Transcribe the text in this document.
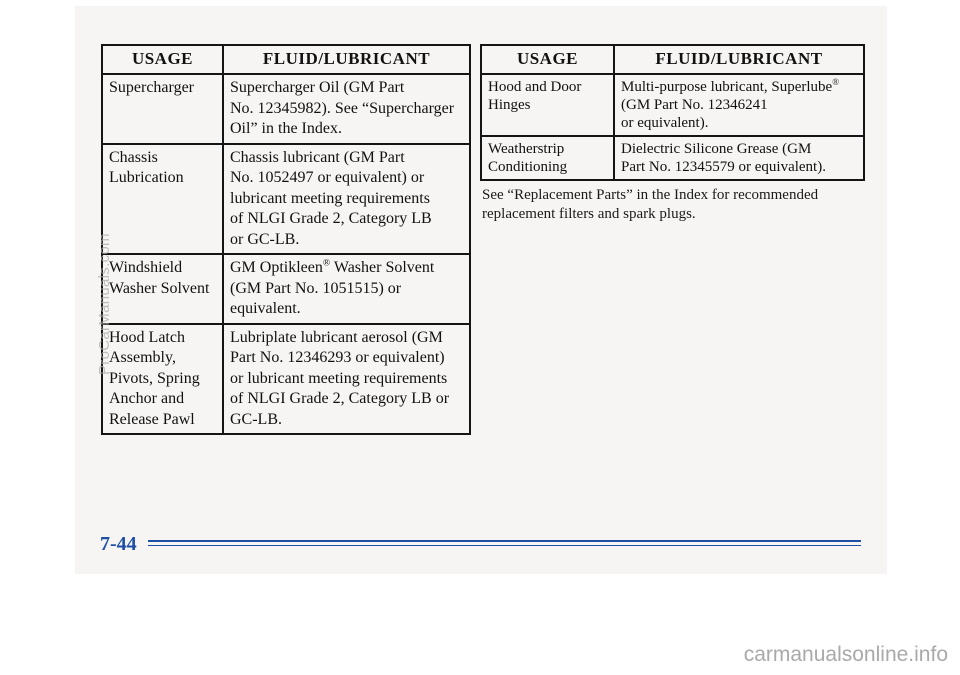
USAGE	FLUID/LUBRICANT
Supercharger	Supercharger Oil (GM Part
No. 12345982). See “Supercharger
Oil” in the Index.
Chassis
Lubrication	Chassis lubricant (GM Part
No. 1052497 or equivalent) or
lubricant meeting requirements
of NLGI Grade 2, Category LB
or GC-LB.
Windshield
Washer Solvent	GM Optikleen® Washer Solvent
(GM Part No. 1051515) or
equivalent.
Hood Latch
Assembly,
Pivots, Spring
Anchor and
Release Pawl	Lubriplate lubricant aerosol (GM
Part No. 12346293 or equivalent)
or lubricant meeting requirements
of NLGI Grade 2, Category LB or
GC-LB.
USAGE	FLUID/LUBRICANT
Hood and Door
Hinges	Multi-purpose lubricant, Superlube®
(GM Part No. 12346241
or equivalent).
Weatherstrip
Conditioning	Dielectric Silicone Grease (GM
Part No. 12345579 or equivalent).
See “Replacement Parts” in the Index for recommended
replacement filters and spark plugs.
7-44
ProCarManuals.com
carmanualsonline.info
